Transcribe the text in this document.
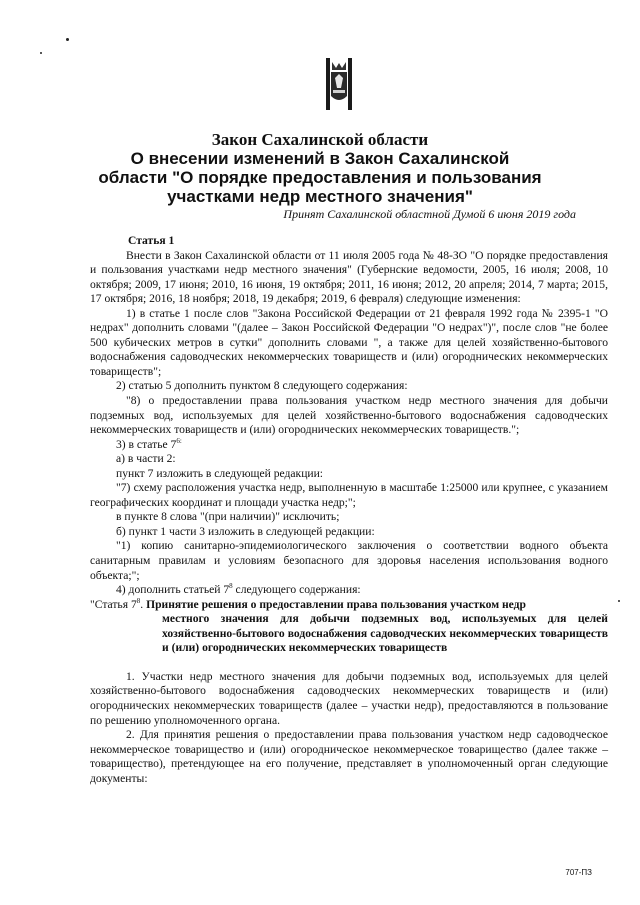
Закон Сахалинской области
О внесении изменений в Закон Сахалинской
области "О порядке предоставления и пользования
участками недр местного значения"
Принят Сахалинской областной Думой 6 июня 2019 года

Статья 1

Внести в Закон Сахалинской области от 11 июля 2005 года № 48-ЗО "О порядке предоставления и пользования участками недр местного значения" (Губернские ведомости, 2005, 16 июля; 2008, 10 октября; 2009, 17 июня; 2010, 16 июня, 19 октября; 2011, 16 июня; 2012, 20 апреля; 2014, 7 марта; 2015, 17 октября; 2016, 18 ноября; 2018, 19 декабря; 2019, 6 февраля) следующие изменения:

1) в статье 1 после слов "Закона Российской Федерации от 21 февраля 1992 года № 2395-1 "О недрах" дополнить словами "(далее – Закон Российской Федерации "О недрах")", после слов "не более 500 кубических метров в сутки" дополнить словами ", а также для целей хозяйственно-бытового водоснабжения садоводческих некоммерческих товариществ и (или) огороднических некоммерческих товариществ";

2) статью 5 дополнить пунктом 8 следующего содержания:

"8) о предоставлении права пользования участком недр местного значения для добычи подземных вод, используемых для целей хозяйственно-бытового водоснабжения садоводческих некоммерческих товариществ и (или) огороднических некоммерческих товариществ.";

3) в статье $7^{6:}$

а) в части 2:

пункт 7 изложить в следующей редакции:

"7) схему расположения участка недр, выполненную в масштабе 1:25000 или крупнее, с указанием географических координат и площади участка недр;";

в пункте 8 слова "(при наличии)" исключить;

б) пункт 1 части 3 изложить в следующей редакции:

"1) копию санитарно-эпидемиологического заключения о соответствии водного объекта санитарным правилам и условиям безопасного для здоровья населения использования водного объекта;";

4) дополнить статьей $7^8$ следующего содержания:

"Статья $7^8$. Принятие решения о предоставлении права пользования участком недр

местного значения для добычи подземных вод, используемых для целей хозяйственно-бытового водоснабжения садоводческих некоммерческих товариществ и (или) огороднических некоммерческих товариществ

1. Участки недр местного значения для добычи подземных вод, используемых для целей хозяйственно-бытового водоснабжения садоводческих некоммерческих товариществ и (или) огороднических некоммерческих товариществ (далее – участки недр), предоставляются в пользование по решению уполномоченного органа.

2. Для принятия решения о предоставлении права пользования участком недр садоводческое некоммерческое товарищество и (или) огородническое некоммерческое товарищество (далее также – товарищество), претендующее на его получение, представляет в уполномоченный орган следующие документы:

707-ПЗ
